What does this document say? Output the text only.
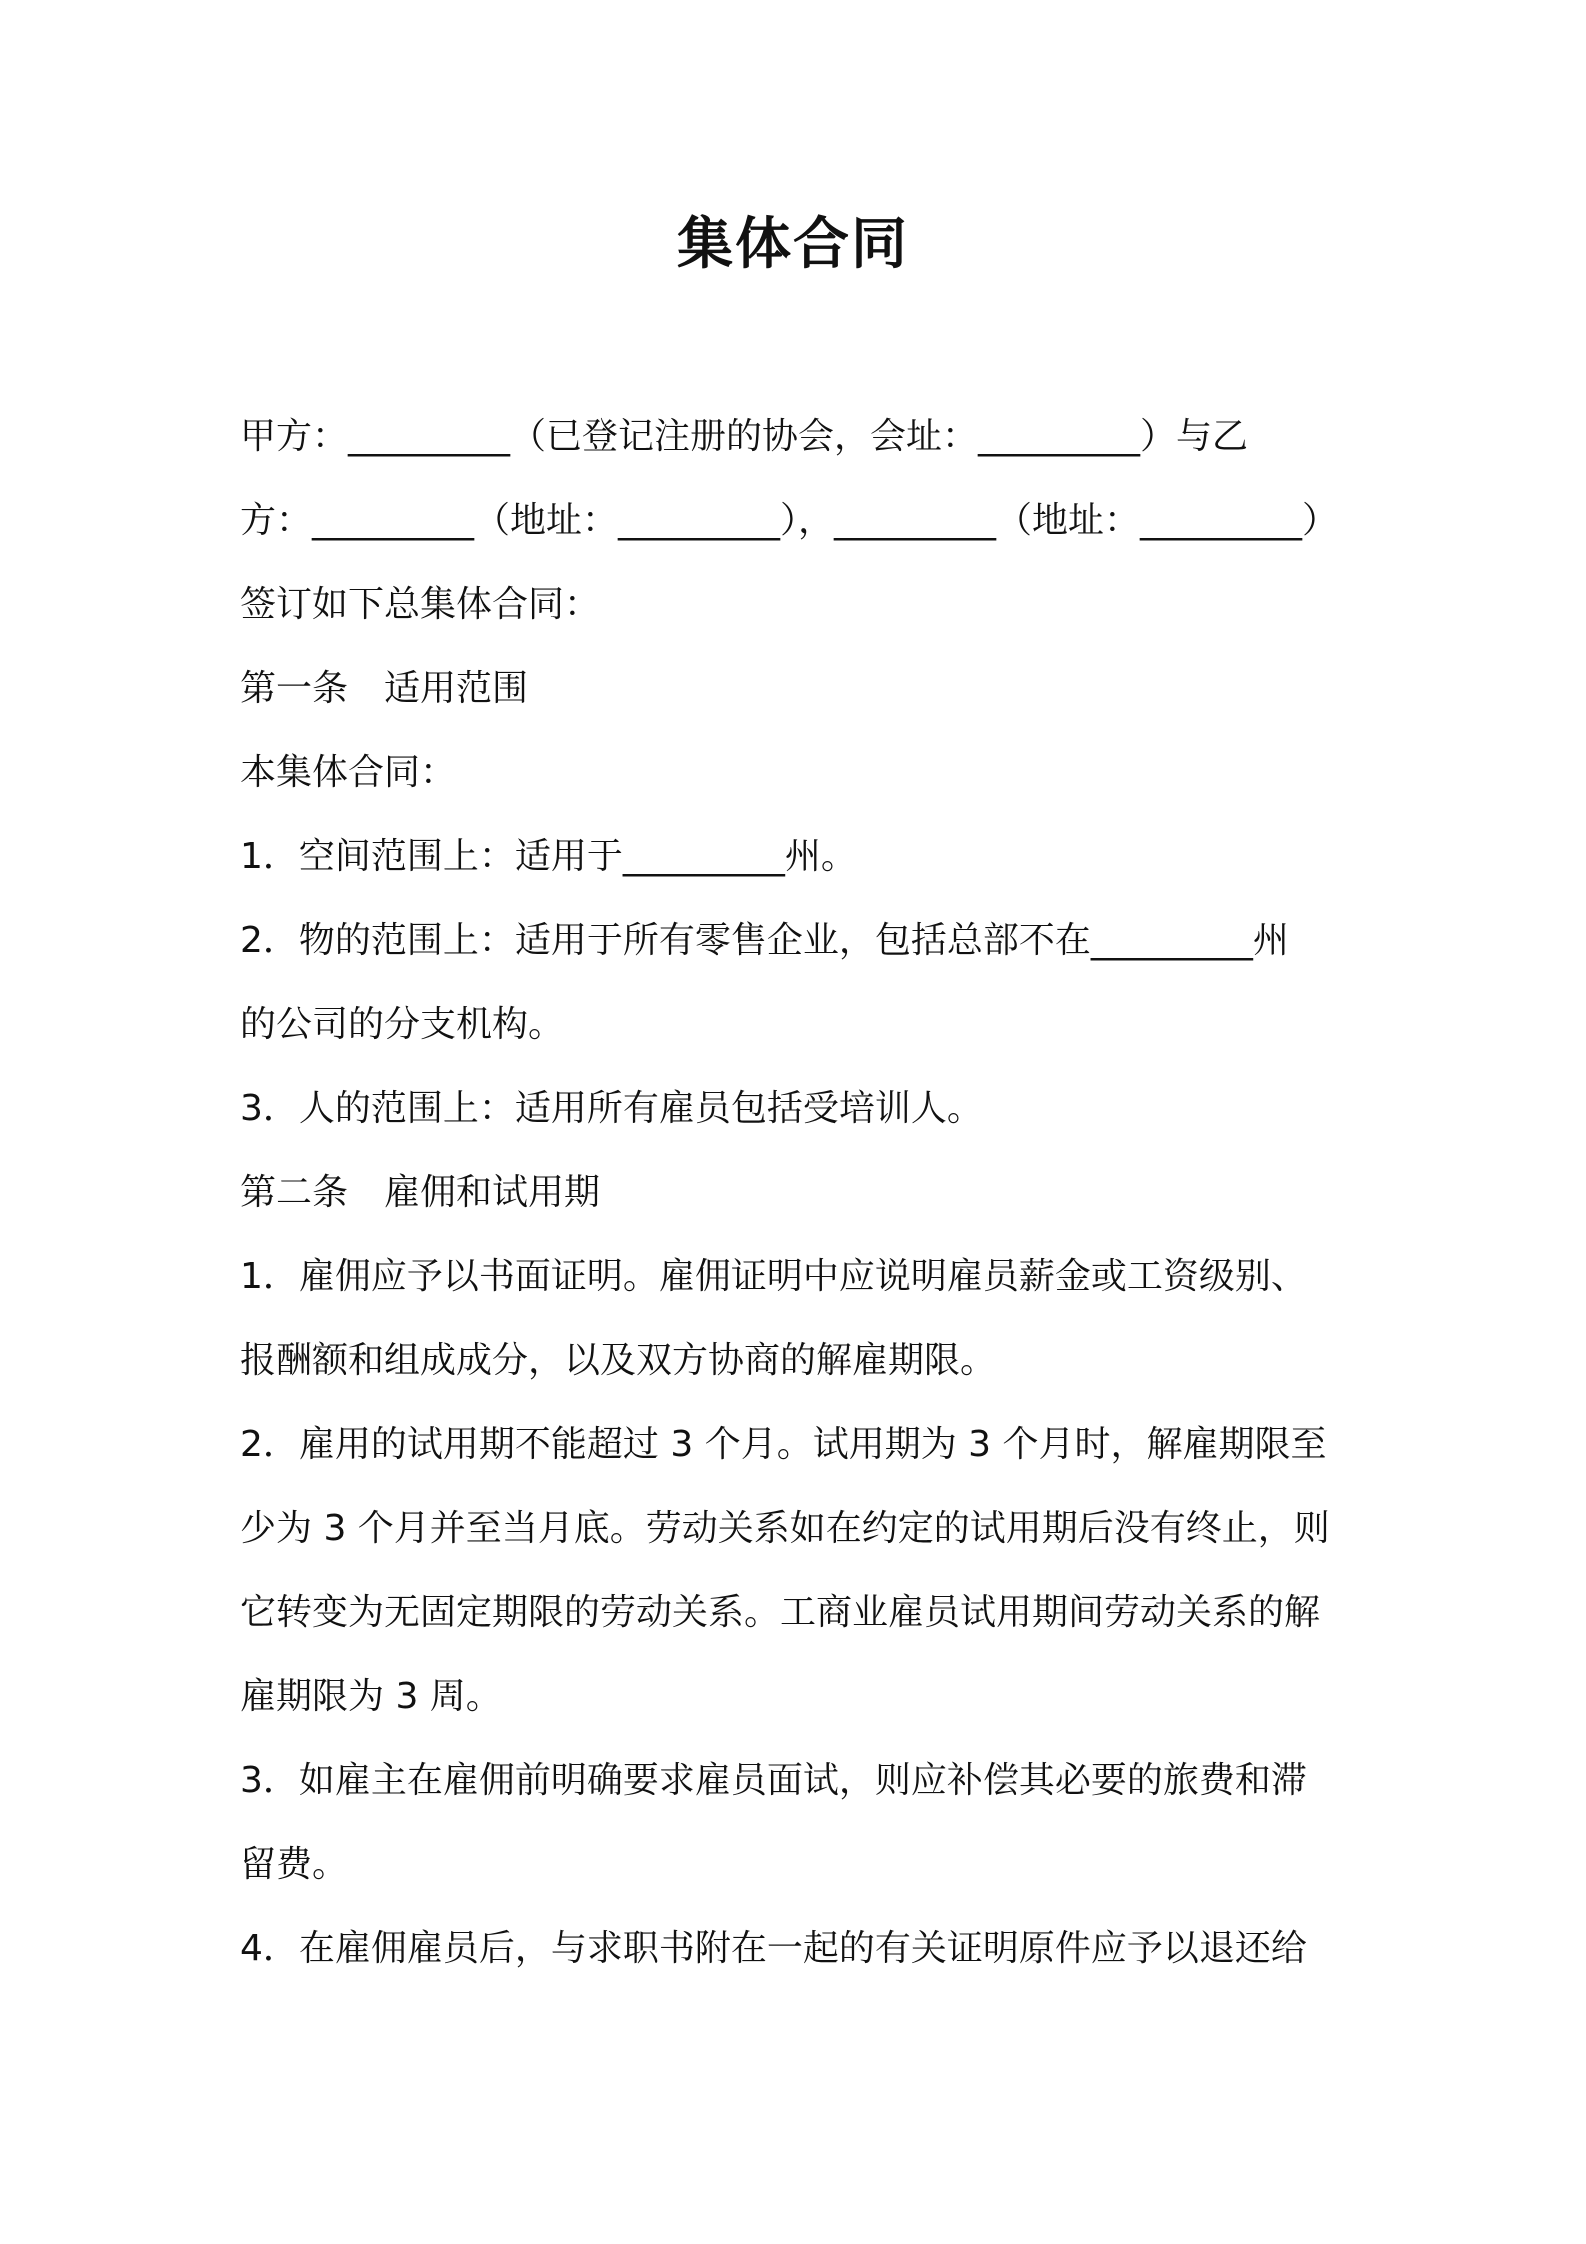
集体合同
甲方：_________（已登记注册的协会，会址：_________）与乙
方：_________（地址：_________），_________（地址：_________）
签订如下总集体合同：
第一条　适用范围
本集体合同：
1．空间范围上：适用于_________州。
2．物的范围上：适用于所有零售企业，包括总部不在_________州
的公司的分支机构。
3．人的范围上：适用所有雇员包括受培训人。
第二条　雇佣和试用期
1．雇佣应予以书面证明。雇佣证明中应说明雇员薪金或工资级别、
报酬额和组成成分，以及双方协商的解雇期限。
2．雇用的试用期不能超过 3 个月。试用期为 3 个月时，解雇期限至
少为 3 个月并至当月底。劳动关系如在约定的试用期后没有终止，则
它转变为无固定期限的劳动关系。工商业雇员试用期间劳动关系的解
雇期限为 3 周。
3．如雇主在雇佣前明确要求雇员面试，则应补偿其必要的旅费和滞
留费。
4．在雇佣雇员后，与求职书附在一起的有关证明原件应予以退还给
